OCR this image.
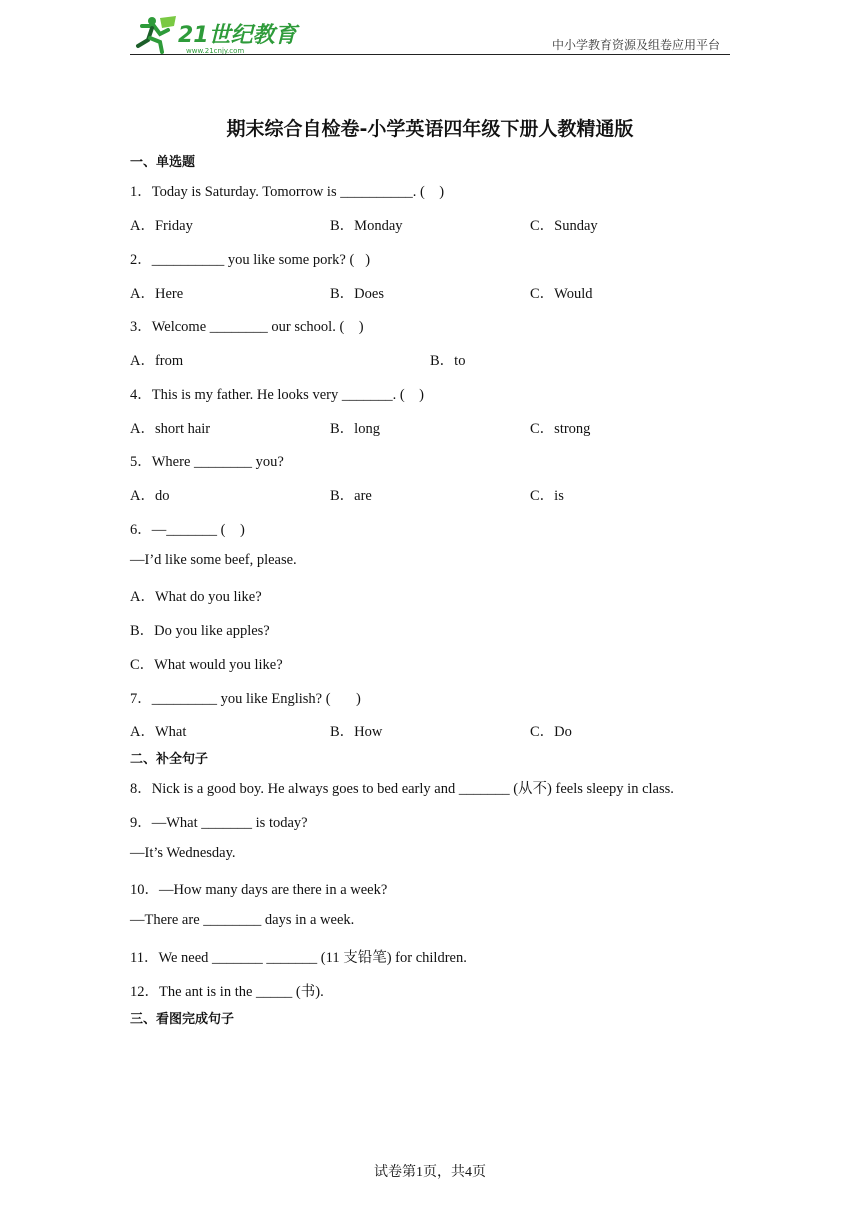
21世纪教育
www.21cnjy.com	中小学教育资源及组卷应用平台
期末综合自检卷-小学英语四年级下册人教精通版
一、单选题
1．Today is Saturday. Tomorrow is __________. (    )
A．Friday	B．Monday	C．Sunday
2．__________ you like some pork? (   )
A．Here	B．Does	C．Would
3．Welcome ________ our school. (    )
A．from	B．to
4．This is my father. He looks very _______. (    )
A．short hair	B．long	C．strong
5．Where ________ you?
A．do	B．are	C．is
6．—_______ (    )
—I’d like some beef, please.
A．What do you like?
B．Do you like apples?
C．What would you like?
7．_________ you like English? (       )
A．What	B．How	C．Do
二、补全句子
8．Nick is a good boy. He always goes to bed early and _______ (从不) feels sleepy in class.
9．—What _______ is today?
—It’s Wednesday.
10．—How many days are there in a week?
—There are ________ days in a week.
11．We need _______ _______ (11 支铅笔) for children.
12．The ant is in the _____ (书).
三、看图完成句子
试卷第1页，共4页
